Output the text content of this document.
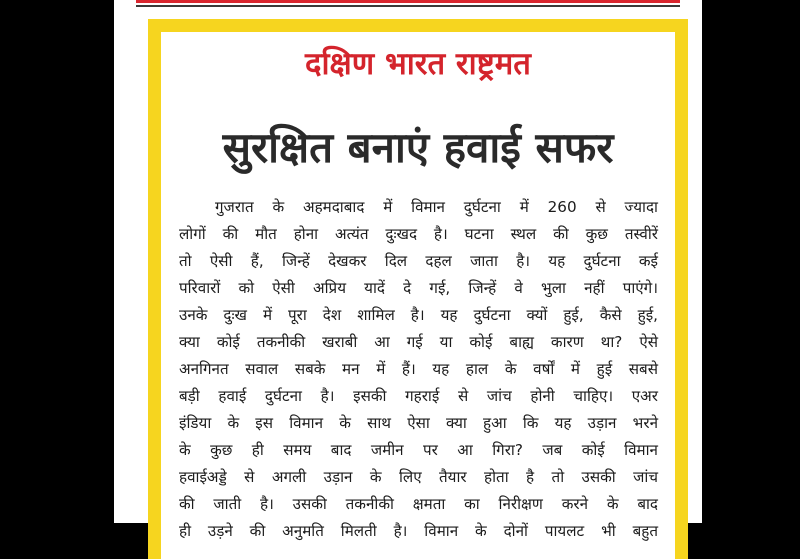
दक्षिण भारत राष्ट्रमत
सुरक्षित बनाएं हवाई सफर
गुजरात के अहमदाबाद में विमान दुर्घटना में 260 से ज्यादा
लोगों की मौत होना अत्यंत दुःखद है। घटना स्थल की कुछ तस्वीरें
तो ऐसी हैं, जिन्हें देखकर दिल दहल जाता है। यह दुर्घटना कई
परिवारों को ऐसी अप्रिय यादें दे गई, जिन्हें वे भुला नहीं पाएंगे।
उनके दुःख में पूरा देश शामिल है। यह दुर्घटना क्यों हुई, कैसे हुई,
क्या कोई तकनीकी खराबी आ गई या कोई बाह्य कारण था? ऐसे
अनगिनत सवाल सबके मन में हैं। यह हाल के वर्षों में हुई सबसे
बड़ी हवाई दुर्घटना है। इसकी गहराई से जांच होनी चाहिए। एअर
इंडिया के इस विमान के साथ ऐसा क्या हुआ कि यह उड़ान भरने
के कुछ ही समय बाद जमीन पर आ गिरा? जब कोई विमान
हवाईअड्डे से अगली उड़ान के लिए तैयार होता है तो उसकी जांच
की जाती है। उसकी तकनीकी क्षमता का निरीक्षण करने के बाद
ही उड़ने की अनुमति मिलती है। विमान के दोनों पायलट भी बहुत
